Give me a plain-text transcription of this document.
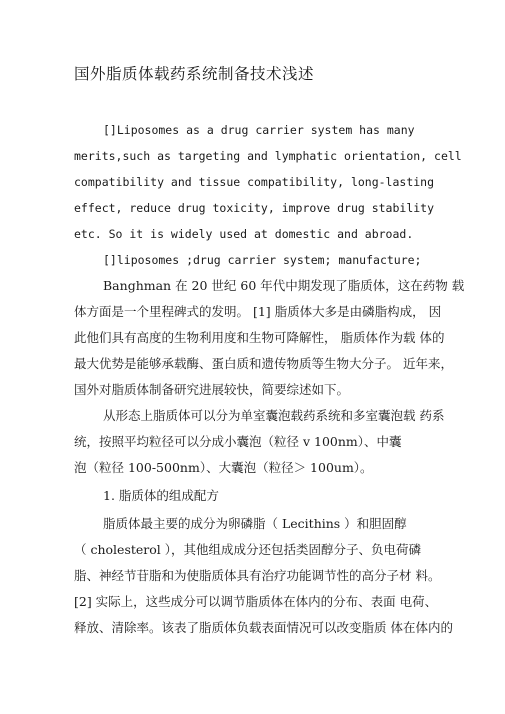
国外脂质体载药系统制备技术浅述
[]Liposomes as a drug carrier system has many
merits,such as targeting and lymphatic orientation, cell
compatibility and tissue compatibility, long-lasting
effect, reduce drug toxicity, improve drug stability
etc. So it is widely used at domestic and abroad.
[]liposomes ;drug carrier system; manufacture;
Banghman 在 20 世纪 60 年代中期发现了脂质体，这在药物 载
体方面是一个里程碑式的发明。 [1] 脂质体大多是由磷脂构成， 因
此他们具有高度的生物利用度和生物可降解性， 脂质体作为载 体的
最大优势是能够承载酶、蛋白质和遗传物质等生物大分子。 近年来，
国外对脂质体制备研究进展较快，简要综述如下。
从形态上脂质体可以分为单室囊泡载药系统和多室囊泡载 药系
统，按照平均粒径可以分成小囊泡（粒径 v 100nm）、中囊
泡（粒径 100-500nm）、大囊泡（粒径＞ 100um）。
1. 脂质体的组成配方
脂质体最主要的成分为卵磷脂（ Lecithins ）和胆固醇
（ cholesterol ），其他组成成分还包括类固醇分子、负电荷磷
脂、神经节苷脂和为使脂质体具有治疗功能调节性的高分子材 料。
[2] 实际上，这些成分可以调节脂质体在体内的分布、表面 电荷、
释放、清除率。该表了脂质体负载表面情况可以改变脂质 体在体内的
